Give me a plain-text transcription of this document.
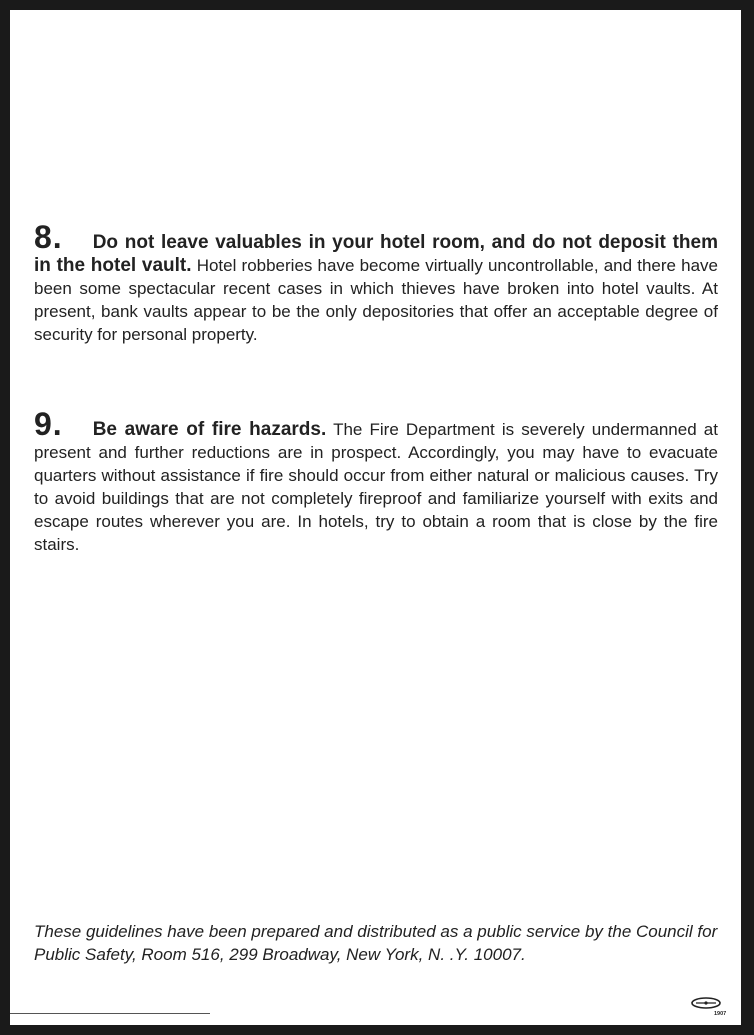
8. Do not leave valuables in your hotel room, and do not deposit them in the hotel vault. Hotel robberies have become virtually uncontrollable, and there have been some spectacular recent cases in which thieves have broken into hotel vaults. At present, bank vaults appear to be the only depositories that offer an acceptable degree of security for personal property.
9. Be aware of fire hazards. The Fire Department is severely undermanned at present and further reductions are in prospect. Accordingly, you may have to evacuate quarters without assistance if fire should occur from either natural or malicious causes. Try to avoid buildings that are not completely fireproof and familiarize yourself with exits and escape routes wherever you are. In hotels, try to obtain a room that is close by the fire stairs.
These guidelines have been prepared and distributed as a public service by the Council for Public Safety, Room 516, 299 Broadway, New York, N. .Y. 10007.
1907
